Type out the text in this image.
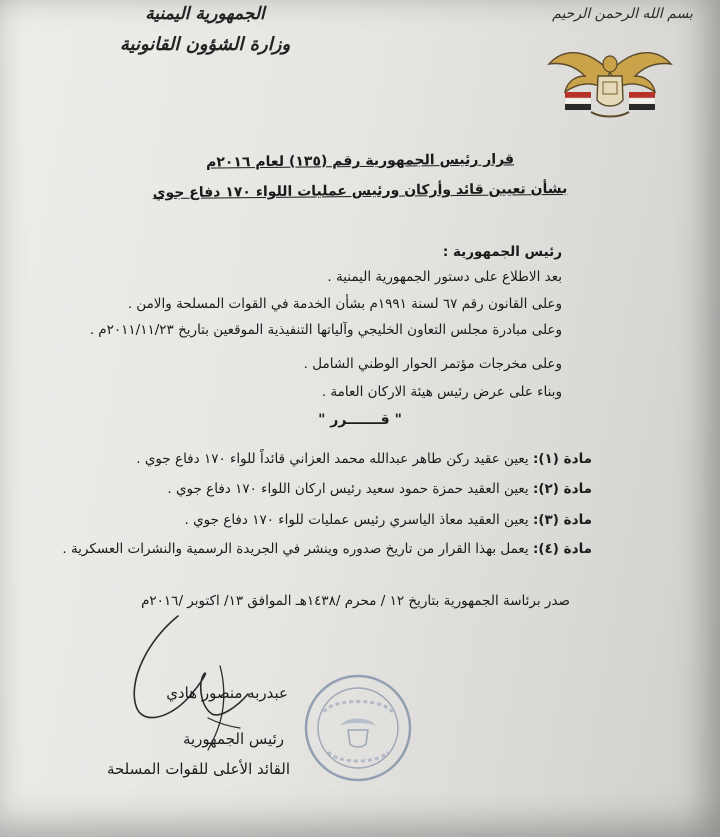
بسم الله الرحمن الرحيم
الجمهورية اليمنية
وزارة الشؤون القانونية
قرار رئيس الجمهورية رقم (١٣٥) لعام ٢٠١٦م
بشأن تعيين قائد وأركان ورئيس عمليات اللواء ١٧٠ دفاع جوي
رئيس الجمهورية :
بعد الاطلاع على دستور الجمهورية اليمنية .
وعلى القانون رقم ٦٧ لسنة ١٩٩١م بشأن الخدمة في القوات المسلحة والامن .
وعلى مبادرة مجلس التعاون الخليجي وآلياتها التنفيذية الموقعين بتاريخ ٢٠١١/١١/٢٣م .
وعلى مخرجات مؤتمر الحوار الوطني الشامل .
وبناء على عرض رئيس هيئة الاركان العامة .
" قـــــــرر "
مادة (١): يعين عقيد ركن طاهر عبدالله محمد العزاني قائداً للواء ١٧٠ دفاع جوي .
مادة (٢): يعين العقيد حمزة حمود سعيد رئيس اركان اللواء ١٧٠ دفاع جوي .
مادة (٣): يعين العقيد معاذ الياسري رئيس عمليات للواء ١٧٠ دفاع جوي .
مادة (٤): يعمل بهذا القرار من تاريخ صدوره وينشر في الجريدة الرسمية والنشرات العسكرية .
صدر برئاسة الجمهورية بتاريخ ١٢ / محرم /١٤٣٨هـ الموافق ١٣/ اكتوبر /٢٠١٦م
عبدربه منصور هادي
رئيس الجمهورية
القائد الأعلى للقوات المسلحة
